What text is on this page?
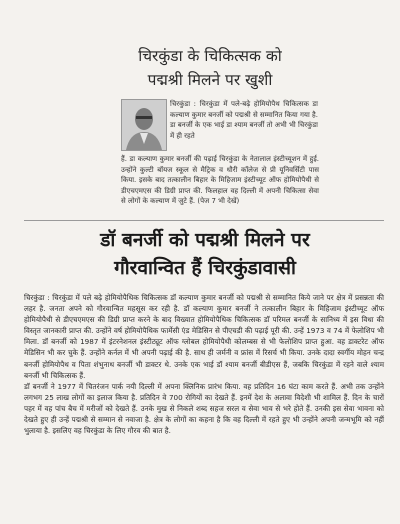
चिरकुंडा के चिकित्सक को
पद्मश्री मिलने पर खुशी
चिरकुंडा : चिरकुंडा में पले-बढ़े होमियोपैथ चिकित्सक डा कल्याण कुमार बनर्जी को पद्मश्री से सम्मानित किया गया है. डा बनर्जी के एक भाई डा श्याम बनर्जी तो अभी भी चिरकुंडा में ही रहते
हैं. डा कल्याण कुमार बनर्जी की पढ़ाई चिरकुंडा के नेतालाल इंस्टीच्यूशन में हुई. उन्होंने कुल्टी बॉयज स्कूल से मैट्रिक व धौरी कॉलेज से प्री यूनिवर्सिटी पास किया. इसके बाद तत्कालीन बिहार के मिहिजाम इंस्टीच्यूट ऑफ होमियोपैथी से डीएचएमएस की डिग्री प्राप्त की. फिलहाल वह दिल्ली में अपनी चिकित्सा सेवा से लोगों के कल्याण में जुटे हैं. (पेज 7 भी देखें)
डॉ बनर्जी को पद्मश्री मिलने पर
गौरवान्वित हैं चिरकुंडावासी

चिरकुंडा : चिरकुंडा में पले बढ़े होमियोपैथिक चिकित्सक डॉ कल्याण कुमार बनर्जी को पद्मश्री से सम्मानित किये जाने पर क्षेत्र में प्रसन्नता की लहर है. जनता अपने को गौरवान्वित महसूस कर रही है. डॉ कल्याण कुमार बनर्जी ने तत्कालीन बिहार के मिहिजाम इंस्टीच्यूट ऑफ होमियोपैथी से डीएचएमएस की डिग्री प्राप्त करने के बाद विख्यात होमियोपैथिक चिकित्सक डॉ परिमल बनर्जी के सानिध्य में इस विधा की विस्तृत जानकारी प्राप्त की. उन्होंने वर्ष होमियोपैथिक फार्मेसी एंड मेडिसिन से पीएचडी की पढ़ाई पूरी की. उन्हें 1973 व 74 में फेलोशिप भी मिला. डॉ बनर्जी को 1987 में इंटरनेशनल इंस्टीट्यूट ऑफ ग्लोबल होमियोपैथी कोलम्बस से भी फेलोशिप प्राप्त हुआ. वह डाक्टरेट ऑफ मेडिसिन भी कर चुके हैं. उन्होंने कर्नल में भी अपनी पढ़ाई की है. साथ ही जर्मनी व फ्रांस में रिसर्च भी किया. उनके दादा स्वर्गीय मोहन चन्द्र बनर्जी होमियोपैथ व पिता शंभुनाथ बनर्जी भी डाक्टर थे. उनके एक भाई डॉ श्याम बनर्जी बीडीएस हैं, जबकि चिरकुंडा में रहने वाले श्याम बनर्जी भी चिकित्सक हैं.

डॉ बनर्जी ने 1977 में चितरंजन पार्क नयी दिल्ली में अपना क्लिनिक प्रारंभ किया. वह प्रतिदिन 16 घंटा काम करते हैं. अभी तक उन्होंने लगभग 25 लाख लोगों का इलाज किया है. प्रतिदिन वे 700 रोगियों का देखते हैं. इनमें देश के अलावा विदेशी भी शामिल हैं. दिन के चारों पहर में वह पांच बैच में मरीजों को देखते हैं. उनके मुख से निकले शब्द सहज सरल व सेवा भाव से भरे होते हैं. उनकी इस सेवा भावना को देखते हुए ही उन्हें पद्मश्री से सम्मान से नवाजा है. क्षेत्र के लोगों का कहना है कि वह दिल्ली में रहते हुए भी उन्होंने अपनी जन्मभूमि को नहीं भुलाया है. इसलिए वह चिरकुंडा के लिए गौरव की बात है.
